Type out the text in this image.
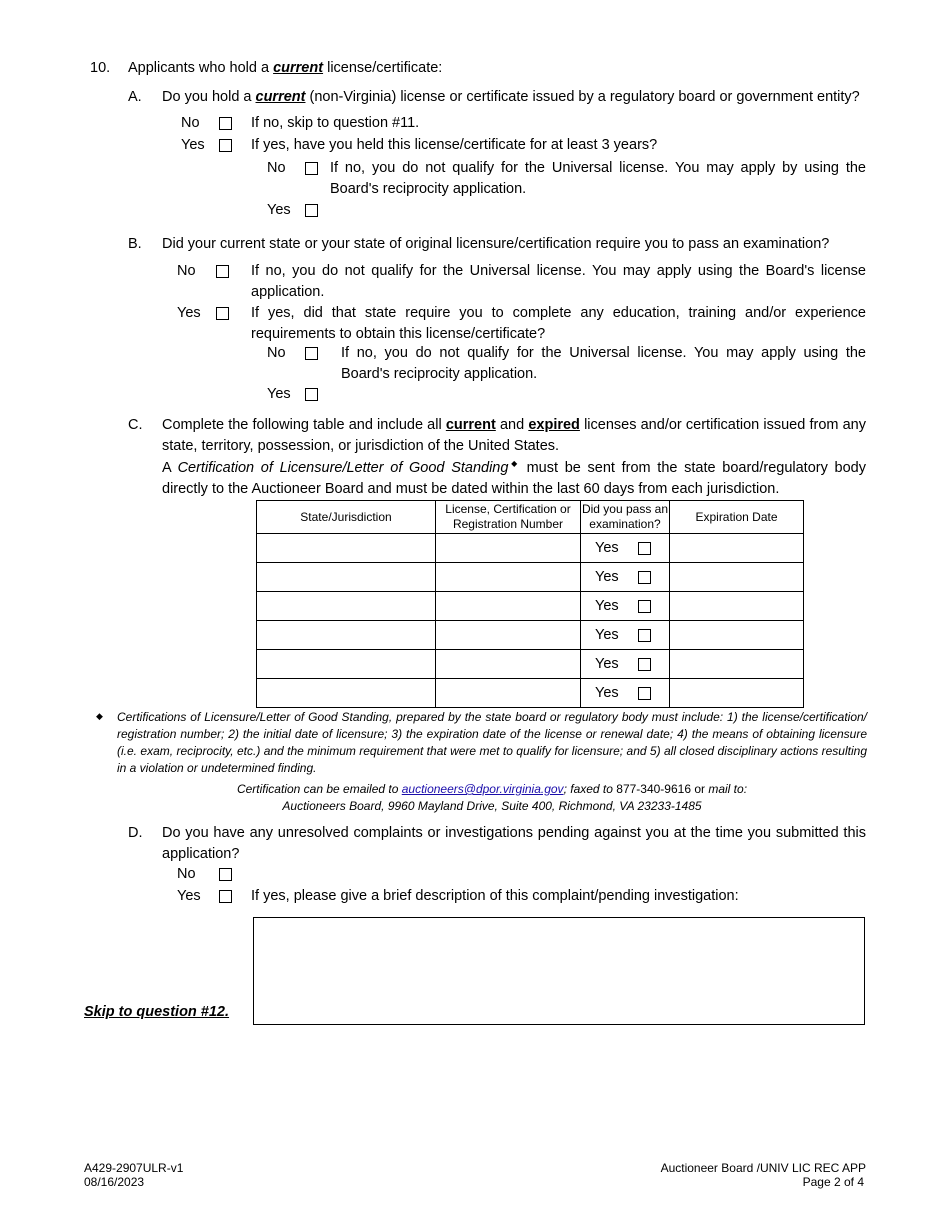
10. Applicants who hold a current license/certificate:
A. Do you hold a current (non-Virginia) license or certificate issued by a regulatory board or government entity?
No	If no, skip to question #11.
Yes	If yes, have you held this license/certificate for at least 3 years?
No	If no, you do not qualify for the Universal license. You may apply by using the Board's reciprocity application.
Yes
B. Did your current state or your state of original licensure/certification require you to pass an examination?
No	If no, you do not qualify for the Universal license. You may apply using the Board's license application.
Yes	If yes, did that state require you to complete any education, training and/or experience requirements to obtain this license/certificate?
No	If no, you do not qualify for the Universal license. You may apply using the Board's reciprocity application.
Yes
C. Complete the following table and include all current and expired licenses and/or certification issued from any state, territory, possession, or jurisdiction of the United States.
A Certification of Licensure/Letter of Good Standing◆ must be sent from the state board/regulatory body directly to the Auctioneer Board and must be dated within the last 60 days from each jurisdiction.
State/Jurisdiction	License, Certification or Registration Number	Did you pass an examination?	Expiration Date

		Yes	

		Yes	

		Yes	

		Yes	

		Yes	

		Yes	

◆ Certifications of Licensure/Letter of Good Standing, prepared by the state board or regulatory body must include: 1) the license/certification/ registration number; 2) the initial date of licensure; 3) the expiration date of the license or renewal date; 4) the means of obtaining licensure (i.e. exam, reciprocity, etc.) and the minimum requirement that were met to qualify for licensure; and 5) all closed disciplinary actions resulting in a violation or undetermined finding.
Certification can be emailed to auctioneers@dpor.virginia.gov; faxed to 877-340-9616 or mail to:
Auctioneers Board, 9960 Mayland Drive, Suite 400, Richmond, VA 23233-1485
D. Do you have any unresolved complaints or investigations pending against you at the time you submitted this application?
No
Yes	If yes, please give a brief description of this complaint/pending investigation:
Skip to question #12.
A429-2907ULR-v1
08/16/2023
Auctioneer Board /UNIV LIC REC APP
Page 2 of 4
